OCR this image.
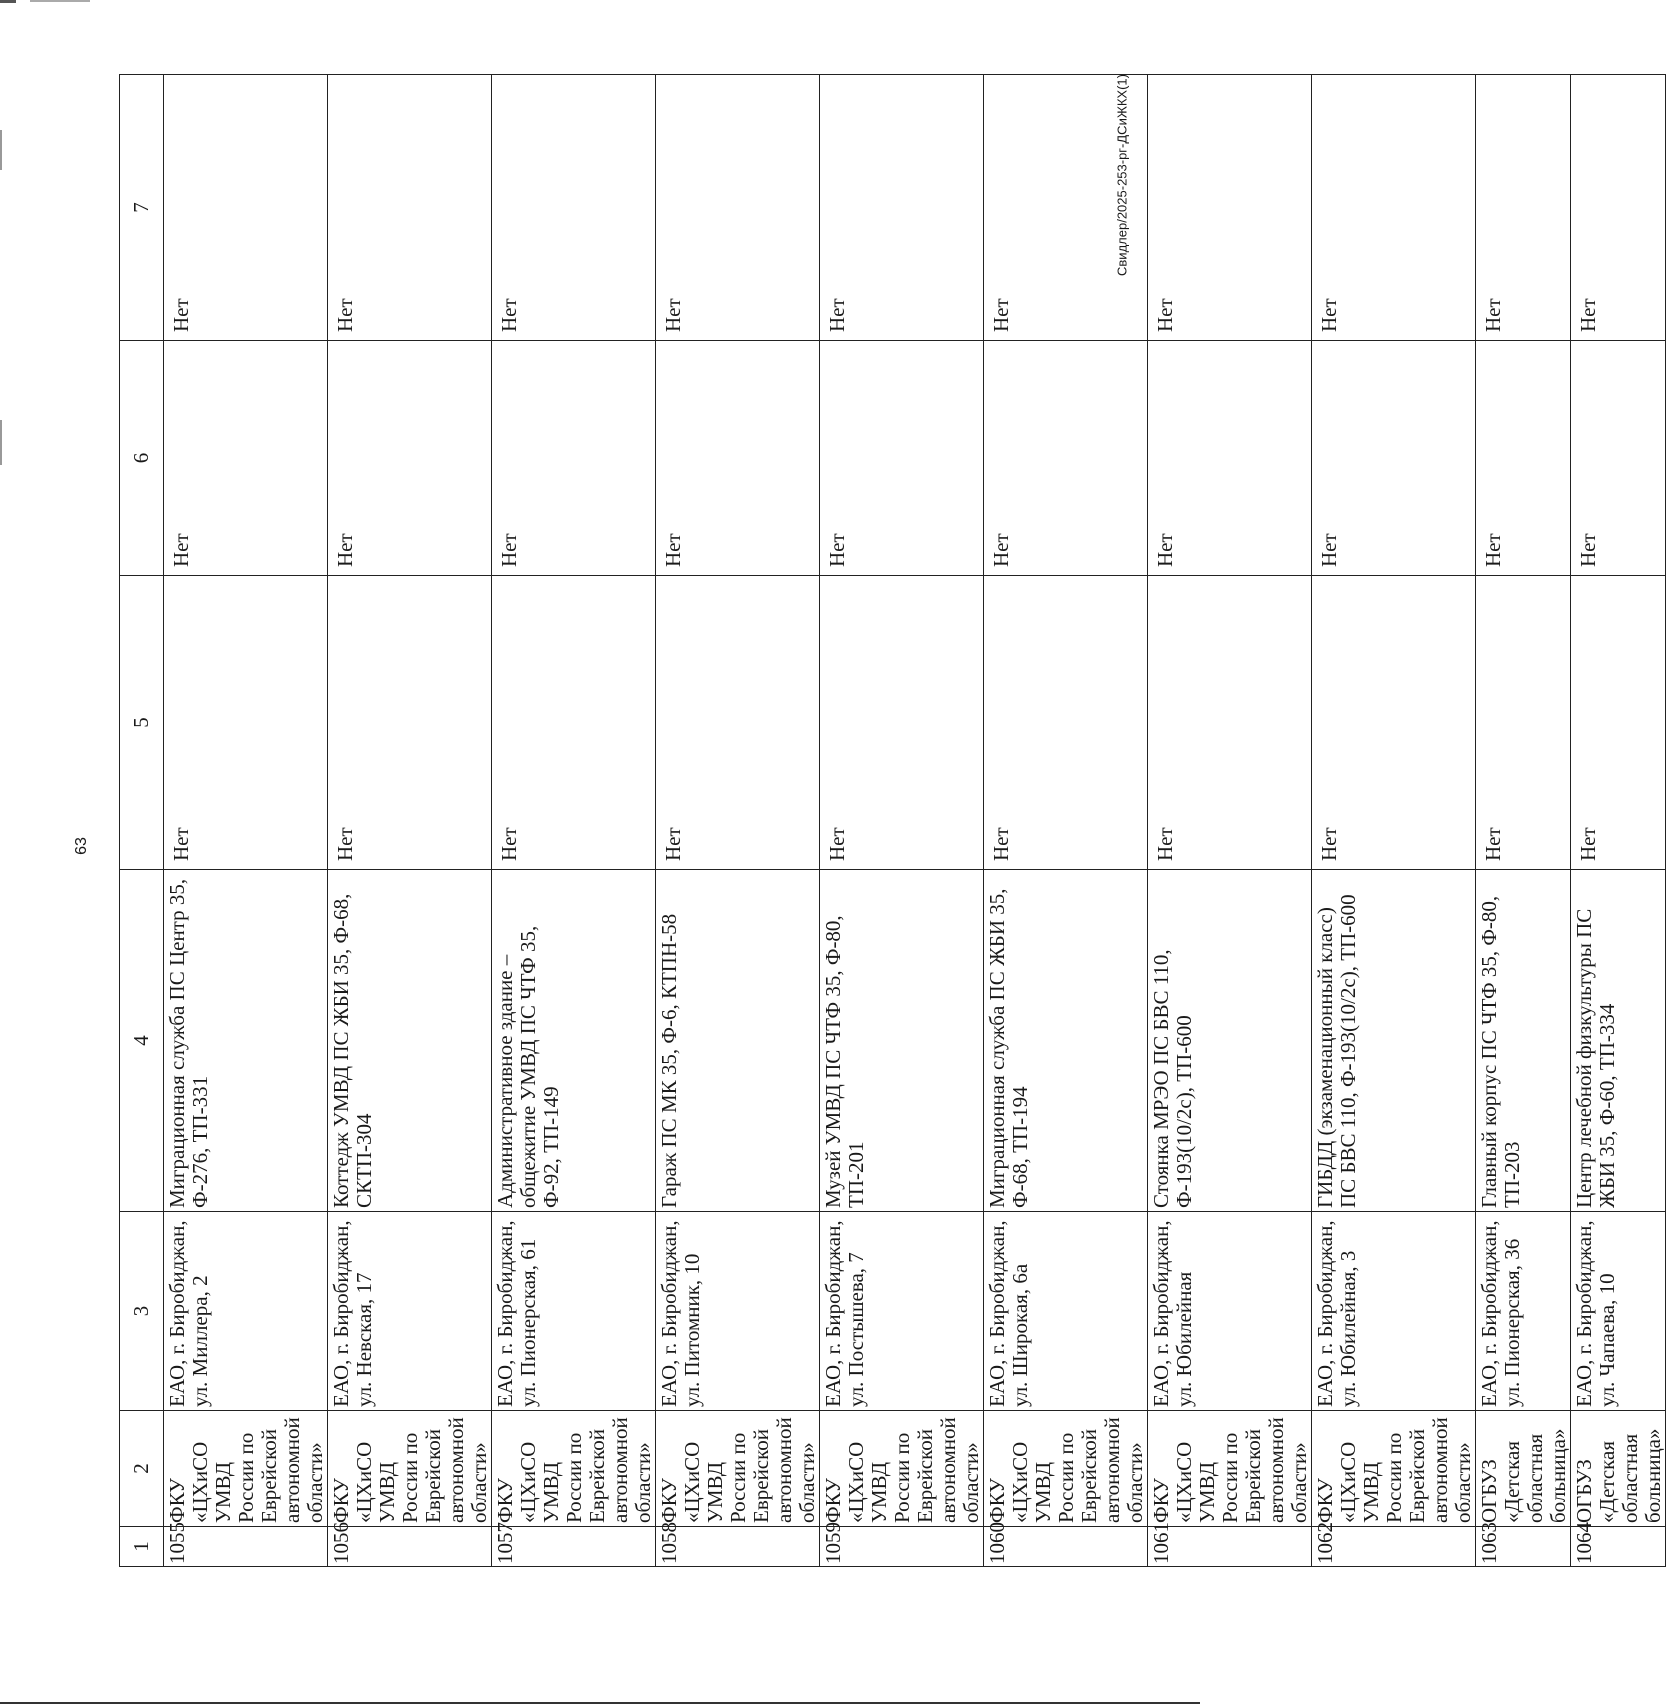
63
Свидлер/2025-253-рг-ДСиЖКХ(1)
1	2	3	4	5	6	7
1055	ФКУ «ЦХиСО УМВД России по Еврейской автономной области»	ЕАО, г. Биробиджан, ул. Миллера, 2	Миграционная служба ПС Центр 35, Ф-276, ТП-331	Нет	Нет	Нет
1056	ФКУ «ЦХиСО УМВД России по Еврейской автономной области»	ЕАО, г. Биробиджан, ул. Невская, 17	Коттедж УМВД ПС ЖБИ 35, Ф-68, СКТП-304	Нет	Нет	Нет
1057	ФКУ «ЦХиСО УМВД России по Еврейской автономной области»	ЕАО, г. Биробиджан, ул. Пионерская, 61	Административное здание – общежитие УМВД ПС ЧТФ 35, Ф-92, ТП-149	Нет	Нет	Нет
1058	ФКУ «ЦХиСО УМВД России по Еврейской автономной области»	ЕАО, г. Биробиджан, ул. Питомник, 10	Гараж ПС МК 35, Ф-6, КТПН-58	Нет	Нет	Нет
1059	ФКУ «ЦХиСО УМВД России по Еврейской автономной области»	ЕАО, г. Биробиджан, ул. Постышева, 7	Музей УМВД ПС ЧТФ 35, Ф-80, ТП-201	Нет	Нет	Нет
1060	ФКУ «ЦХиСО УМВД России по Еврейской автономной области»	ЕАО, г. Биробиджан, ул. Широкая, 6а	Миграционная служба ПС ЖБИ 35, Ф-68, ТП-194	Нет	Нет	Нет
1061	ФКУ «ЦХиСО УМВД России по Еврейской автономной области»	ЕАО, г. Биробиджан, ул. Юбилейная	Стоянка МРЭО ПС БВС 110, Ф-193(10/2с), ТП-600	Нет	Нет	Нет
1062	ФКУ «ЦХиСО УМВД России по Еврейской автономной области»	ЕАО, г. Биробиджан, ул. Юбилейная, 3	ГИБДД (экзаменационный класс) ПС БВС 110, Ф-193(10/2с), ТП-600	Нет	Нет	Нет
1063	ОГБУЗ «Детская областная больница»	ЕАО, г. Биробиджан, ул. Пионерская, 36	Главный корпус ПС ЧТФ 35, Ф-80, ТП-203	Нет	Нет	Нет
1064	ОГБУЗ «Детская областная больница»	ЕАО, г. Биробиджан, ул. Чапаева, 10	Центр лечебной физкультуры ПС ЖБИ 35, Ф-60, ТП-334	Нет	Нет	Нет
